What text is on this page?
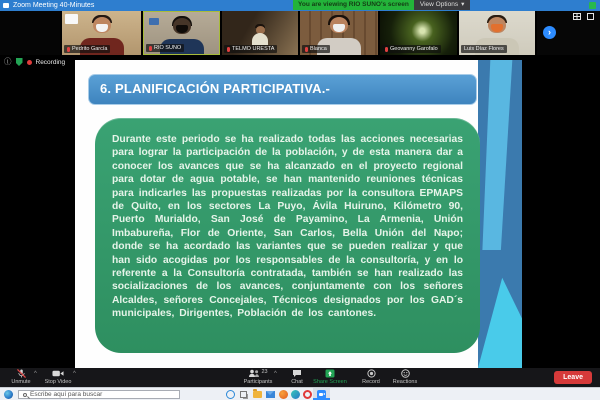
Zoom Meeting 40-Minutes	You are viewing RIO SUNO's screen	View Options ▾
Pedrito García	RIO SUNO	TELMO URESTA	Blanca	Geovanny Garofalo	Luis Díaz Flores
›
ⓘ	Recording
6. PLANIFICACIÓN PARTICIPATIVA.-
Durante este periodo se ha realizado todas las acciones necesarias para lograr la participación de la población, y de esta manera dar a conocer los avances que se ha alcanzado en el proyecto regional para dotar de agua potable, se han mantenido reuniones técnicas para indicarles las propuestas realizadas por la consultora EPMAPS de Quito, en los sectores La Puyo, Ávila Huiruno, Kilómetro 90, Puerto Murialdo, San José de Payamino, La Armenia, Unión Imbabureña, Flor de Oriente, San Carlos, Bella Unión del Napo; donde se ha acordado las variantes que se pueden realizar y que han sido acogidas por los responsables de la consultoría, y en lo referente a la Consultoría contratada, también se han realizado las socializaciones de los avances, conjuntamente con los señores Alcaldes, señores Concejales, Técnicos designados por los GAD´s municipales, Dirigentes, Población de los cantones.
Unmute
^
Stop Video
^	23
Participants
^
Chat Share Screen	Record Reactions
Leave
Escribe aquí para buscar
